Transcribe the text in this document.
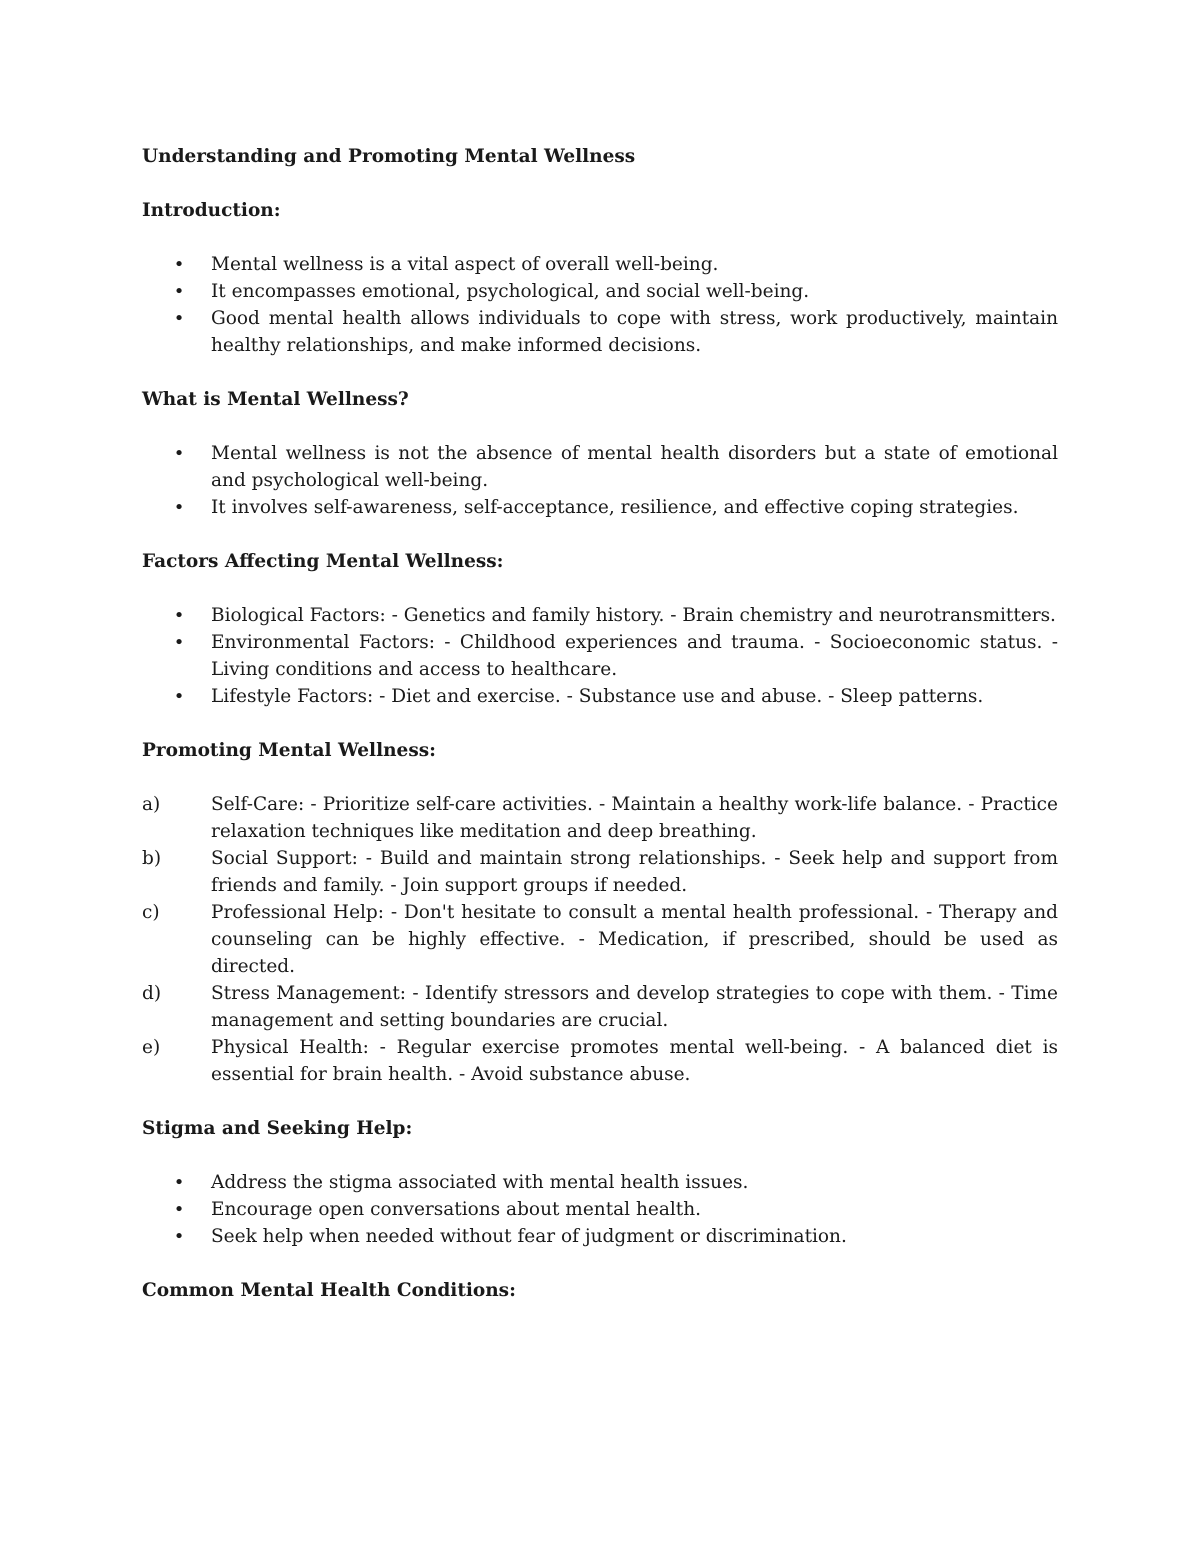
Understanding and Promoting Mental Wellness
Introduction:
• Mental wellness is a vital aspect of overall well-being.
• It encompasses emotional, psychological, and social well-being.
• Good mental health allows individuals to cope with stress, work productively, maintain healthy relationships, and make informed decisions.
What is Mental Wellness?
• Mental wellness is not the absence of mental health disorders but a state of emotional and psychological well-being.
• It involves self-awareness, self-acceptance, resilience, and effective coping strategies.
Factors Affecting Mental Wellness:
• Biological Factors: - Genetics and family history. - Brain chemistry and neurotransmitters.
• Environmental Factors: - Childhood experiences and trauma. - Socioeconomic status. - Living conditions and access to healthcare.
• Lifestyle Factors: - Diet and exercise. - Substance use and abuse. - Sleep patterns.
Promoting Mental Wellness:
a)	Self-Care: - Prioritize self-care activities. - Maintain a healthy work-life balance. - Practice relaxation techniques like meditation and deep breathing.
b)	Social Support: - Build and maintain strong relationships. - Seek help and support from friends and family. - Join support groups if needed.
c)	Professional Help: - Don't hesitate to consult a mental health professional. - Therapy and counseling can be highly effective. - Medication, if prescribed, should be used as directed.
d)	Stress Management: - Identify stressors and develop strategies to cope with them. - Time management and setting boundaries are crucial.
e)	Physical Health: - Regular exercise promotes mental well-being. - A balanced diet is essential for brain health. - Avoid substance abuse.
Stigma and Seeking Help:
• Address the stigma associated with mental health issues.
• Encourage open conversations about mental health.
• Seek help when needed without fear of judgment or discrimination.
Common Mental Health Conditions:
